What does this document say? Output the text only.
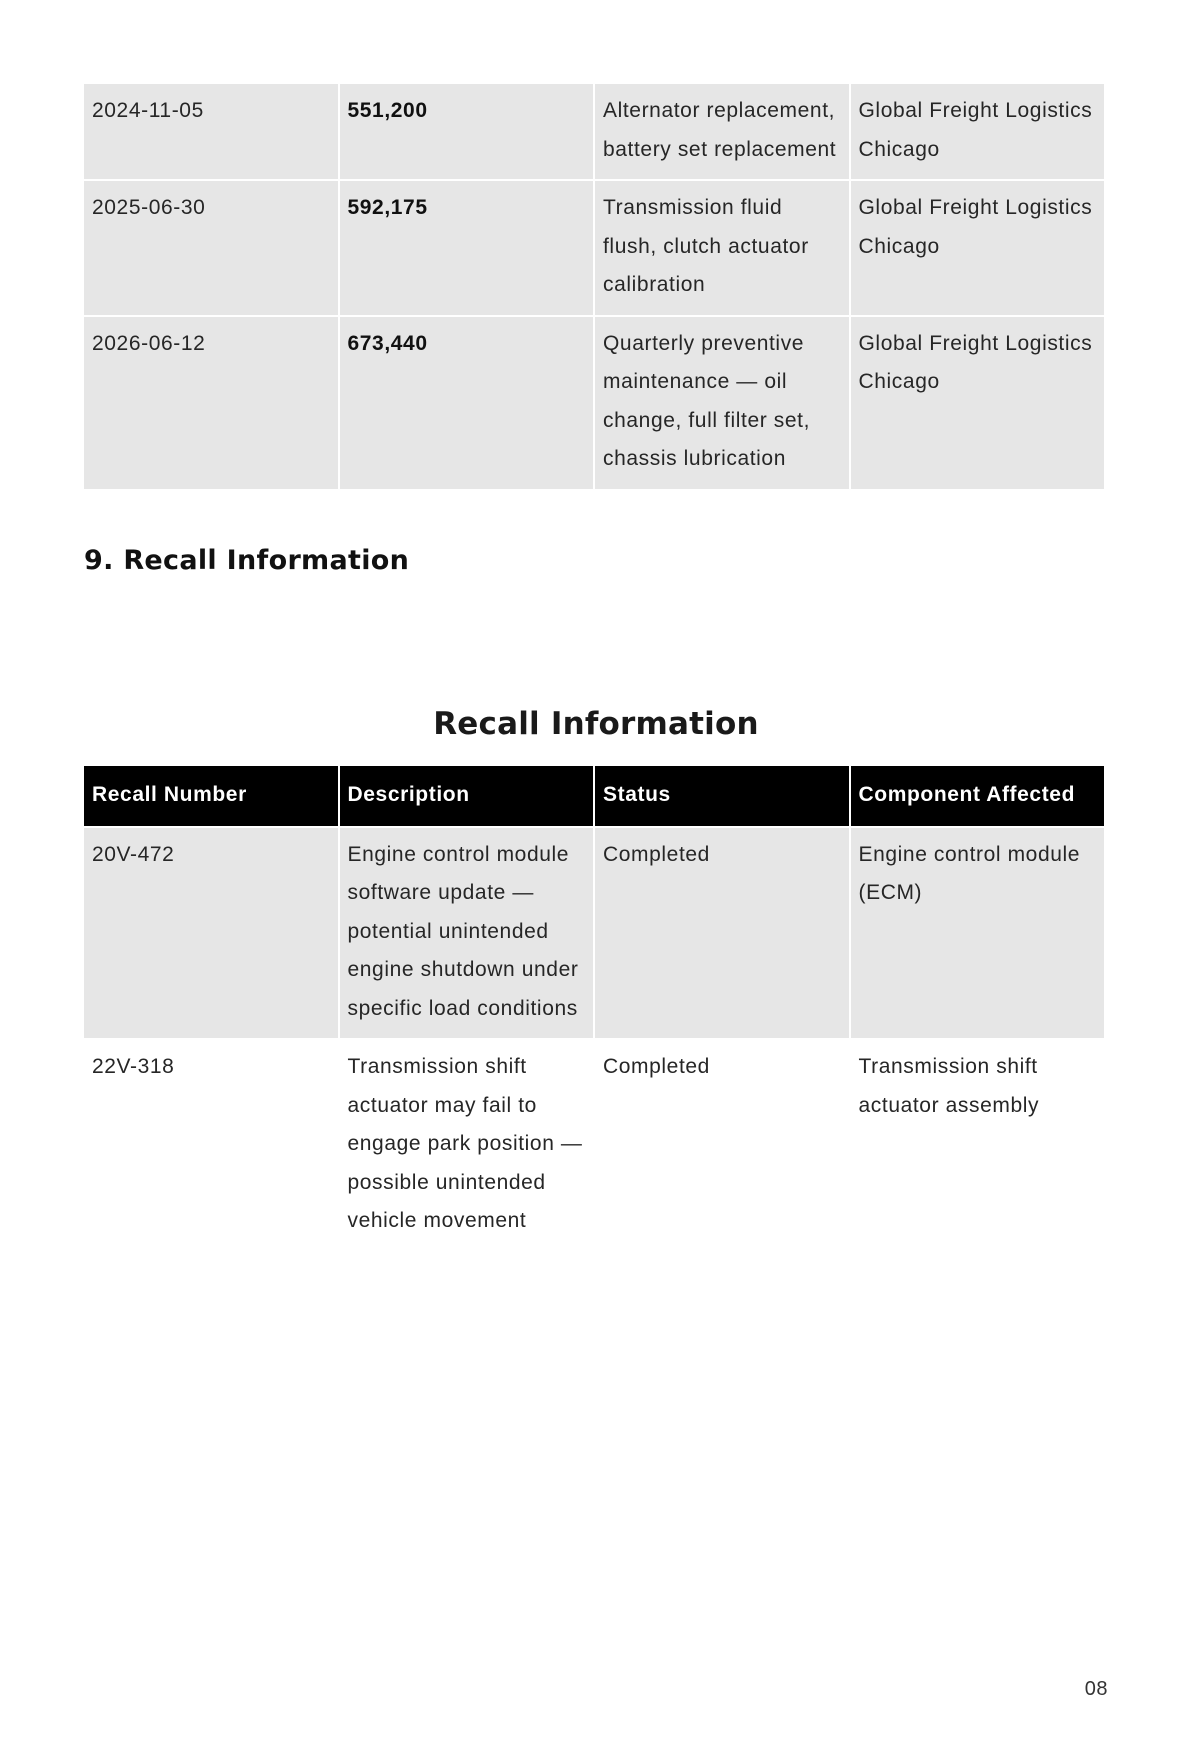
2024-11-05	551,200	Alternator replacement, battery set replacement	Global Freight Logistics Chicago
2025-06-30	592,175	Transmission fluid flush, clutch actuator calibration	Global Freight Logistics Chicago
2026-06-12	673,440	Quarterly preventive maintenance — oil change, full filter set, chassis lubrication	Global Freight Logistics Chicago
9. Recall Information
Recall Information
Recall Number	Description	Status	Component Affected
20V-472	Engine control module software update — potential unintended engine shutdown under specific load conditions	Completed	Engine control module (ECM)
22V-318	Transmission shift actuator may fail to engage park position — possible unintended vehicle movement	Completed	Transmission shift actuator assembly
08
